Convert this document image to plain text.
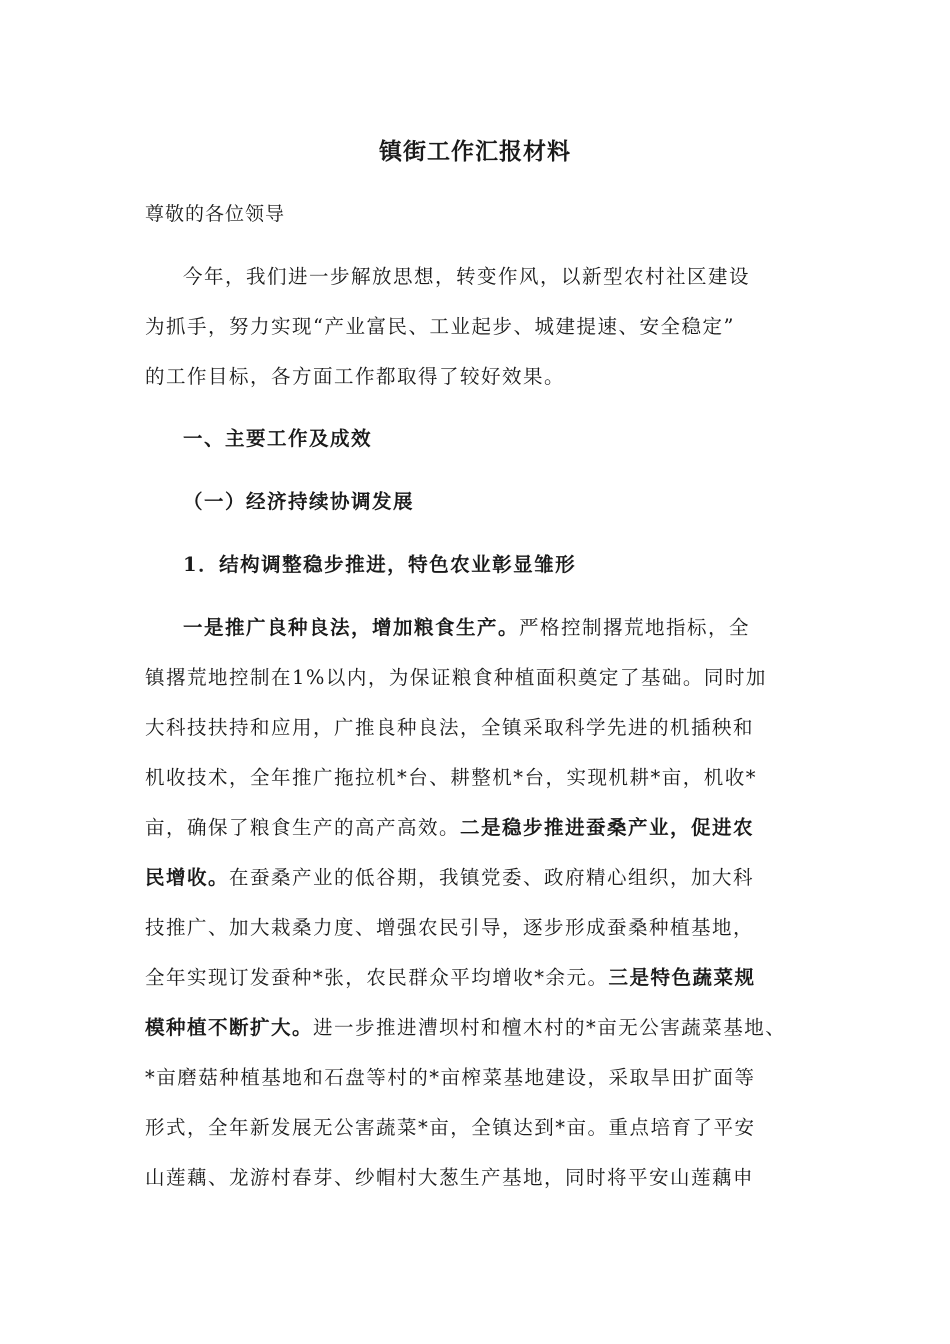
镇街工作汇报材料
尊敬的各位领导
今年，我们进一步解放思想，转变作风，以新型农村社区建设
为抓手，努力实现“产业富民、工业起步、城建提速、安全稳定”
的工作目标，各方面工作都取得了较好效果。
一、主要工作及成效
（一）经济持续协调发展
1．结构调整稳步推进，特色农业彰显雏形
一是推广良种良法，增加粮食生产。严格控制撂荒地指标，全
镇撂荒地控制在1%以内，为保证粮食种植面积奠定了基础。同时加
大科技扶持和应用，广推良种良法，全镇采取科学先进的机插秧和
机收技术，全年推广拖拉机*台、耕整机*台，实现机耕*亩，机收*
亩，确保了粮食生产的高产高效。二是稳步推进蚕桑产业，促进农
民增收。在蚕桑产业的低谷期，我镇党委、政府精心组织，加大科
技推广、加大栽桑力度、增强农民引导，逐步形成蚕桑种植基地，
全年实现订发蚕种*张，农民群众平均增收*余元。三是特色蔬菜规
模种植不断扩大。进一步推进漕坝村和檀木村的*亩无公害蔬菜基地、
*亩磨菇种植基地和石盘等村的*亩榨菜基地建设，采取旱田扩面等
形式，全年新发展无公害蔬菜*亩，全镇达到*亩。重点培育了平安
山莲藕、龙游村春芽、纱帽村大葱生产基地，同时将平安山莲藕申
